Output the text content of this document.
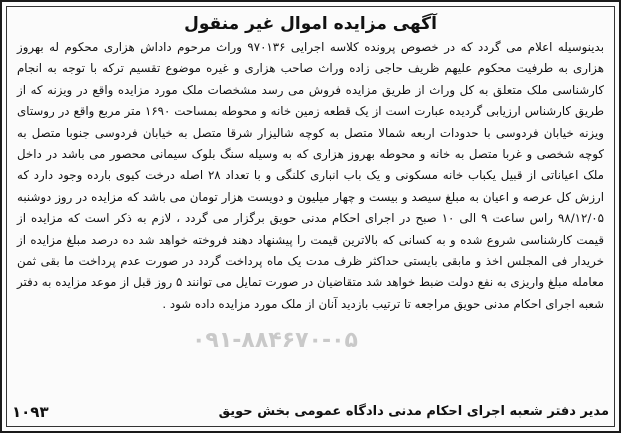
آگهی مزایده اموال غیر منقول

بدینوسیله اعلام می گردد که در خصوص پرونده کلاسه اجرایی ۹۷۰۱۳۶ وراث مرحوم داداش هزاری محکوم له بهروز هزاری به طرفیت محکوم علیهم ظریف حاجی زاده وراث صاحب هزاری و غیره موضوع تقسیم ترکه با توجه به انجام کارشناسی ملک متعلق به کل وراث از طریق مزایده فروش می رسد مشخصات ملک مورد مزایده واقع در ویزنه که از طریق کارشناس ارزیابی گردیده عبارت است از یک قطعه زمین خانه و محوطه بمساحت ۱۶۹۰ متر مربع واقع در روستای ویزنه خیابان فردوسی با حدودات اربعه شمالا متصل به کوچه شالیزار شرقا متصل به خیابان فردوسی جنوبا متصل به کوچه شخصی و غربا متصل به خانه و محوطه بهروز هزاری که به وسیله سنگ بلوک سیمانی محصور می باشد در داخل ملک اعیاناتی از قبیل یکباب خانه مسکونی و یک باب انباری کلنگی و با تعداد ۲۸ اصله درخت کیوی بارده وجود دارد که ارزش کل عرصه و اعیان به مبلغ سیصد و بیست و چهار میلیون و دویست هزار تومان می باشد که مزایده در روز دوشنبه ۹۸/۱۲/۰۵ راس ساعت ۹ الی ۱۰ صبح در اجرای احکام مدنی حویق برگزار می گردد ، لازم به ذکر است که مزایده از قیمت کارشناسی شروع شده و به کسانی که بالاترین قیمت را پیشنهاد دهند فروخته خواهد شد ده درصد مبلغ مزایده از خریدار فی المجلس اخذ و مابقی بایستی حداکثر ظرف مدت یک ماه پرداخت گردد در صورت عدم پرداخت ما بقی ثمن معامله مبلغ واریزی به نفع دولت ضبط خواهد شد متقاضیان در صورت تمایل می توانند ۵ روز قبل از موعد مزایده به دفتر شعبه اجرای احکام مدنی حویق مراجعه تا ترتیب بازدید آنان از ملک مورد مزایده داده شود .

۰۹۱-۸۸۴۶۷۰-۰۵
مدیر دفتر شعبه اجرای احکام مدنی دادگاه عمومی بخش حویق
۱۰۹۳
